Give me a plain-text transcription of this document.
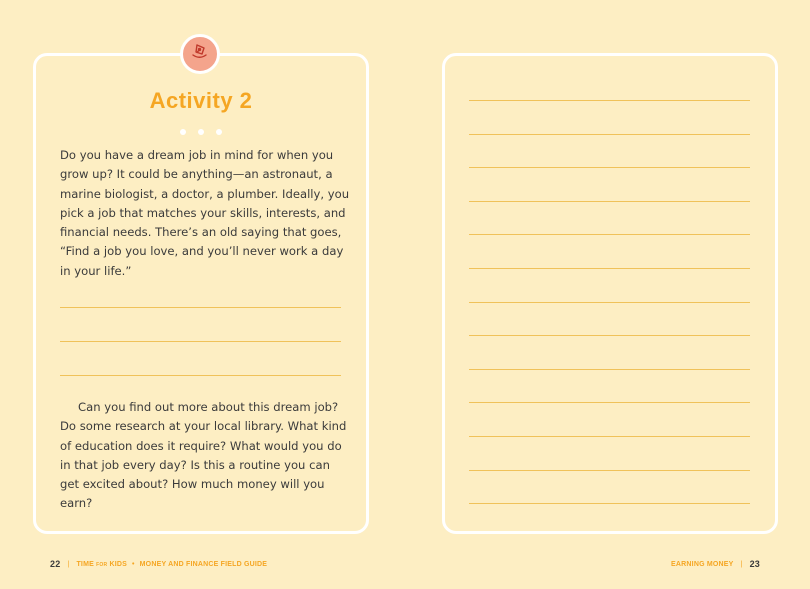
Activity 2

Do you have a dream job in mind for when you grow up? It could be anything—an astronaut, a marine biologist, a doctor, a plumber. Ideally, you pick a job that matches your skills, interests, and financial needs. There’s an old saying that goes, “Find a job you love, and you’ll never work a day in your life.”

Can you find out more about this dream job? Do some research at your local library. What kind of education does it require? What would you do in that job every day? Is this a routine you can get excited about? How much money will you earn?

22 | TIME FOR KIDS • MONEY AND FINANCE FIELD GUIDE	EARNING MONEY | 23
